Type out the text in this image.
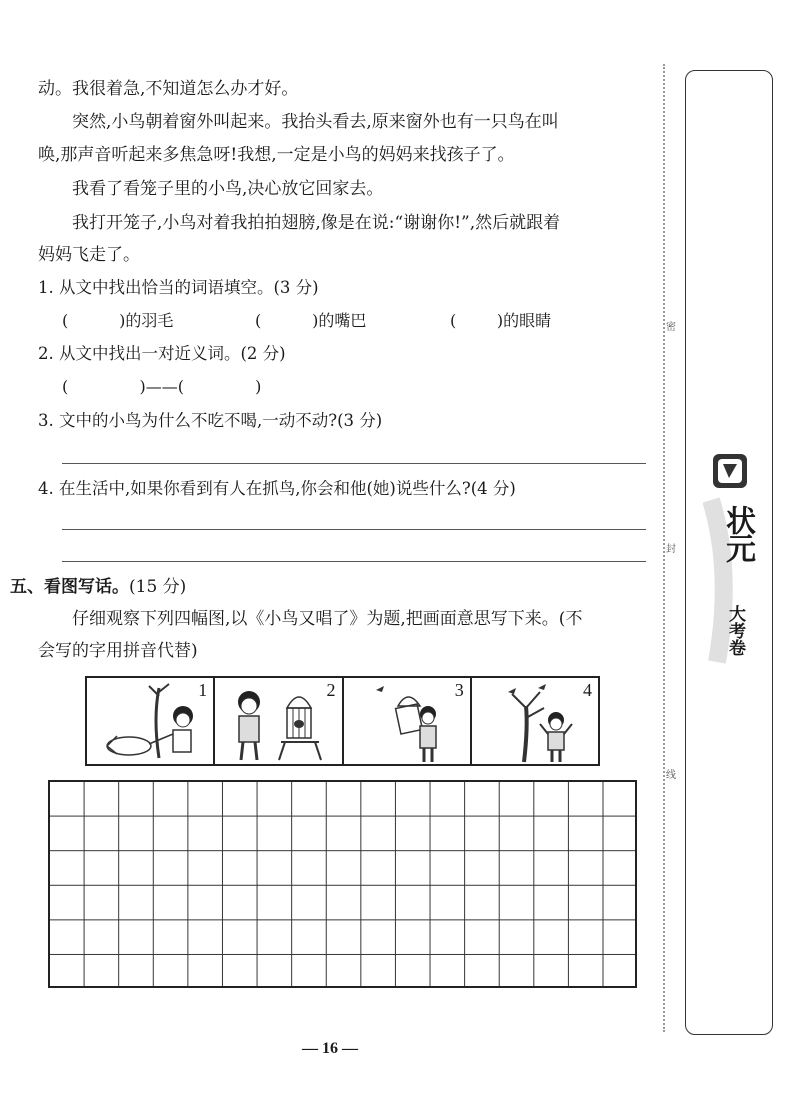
动。我很着急,不知道怎么办才好。
突然,小鸟朝着窗外叫起来。我抬头看去,原来窗外也有一只鸟在叫
唤,那声音听起来多焦急呀!我想,一定是小鸟的妈妈来找孩子了。
我看了看笼子里的小鸟,决心放它回家去。
我打开笼子,小鸟对着我拍拍翅膀,像是在说:“谢谢你!”,然后就跟着
妈妈飞走了。
1. 从文中找出恰当的词语填空。(3 分)
(          )的羽毛	(          )的嘴巴	(        )的眼睛
2. 从文中找出一对近义词。(2 分)
(              )——(              )
3. 文中的小鸟为什么不吃不喝,一动不动?(3 分)
4. 在生活中,如果你看到有人在抓鸟,你会和他(她)说些什么?(4 分)
五、看图写话。(15 分)
仔细观察下列四幅图,以《小鸟又唱了》为题,把画面意思写下来。(不
会写的字用拼音代替)
1	2	3	4
— 16 —
密
封
线
状元
大考卷
